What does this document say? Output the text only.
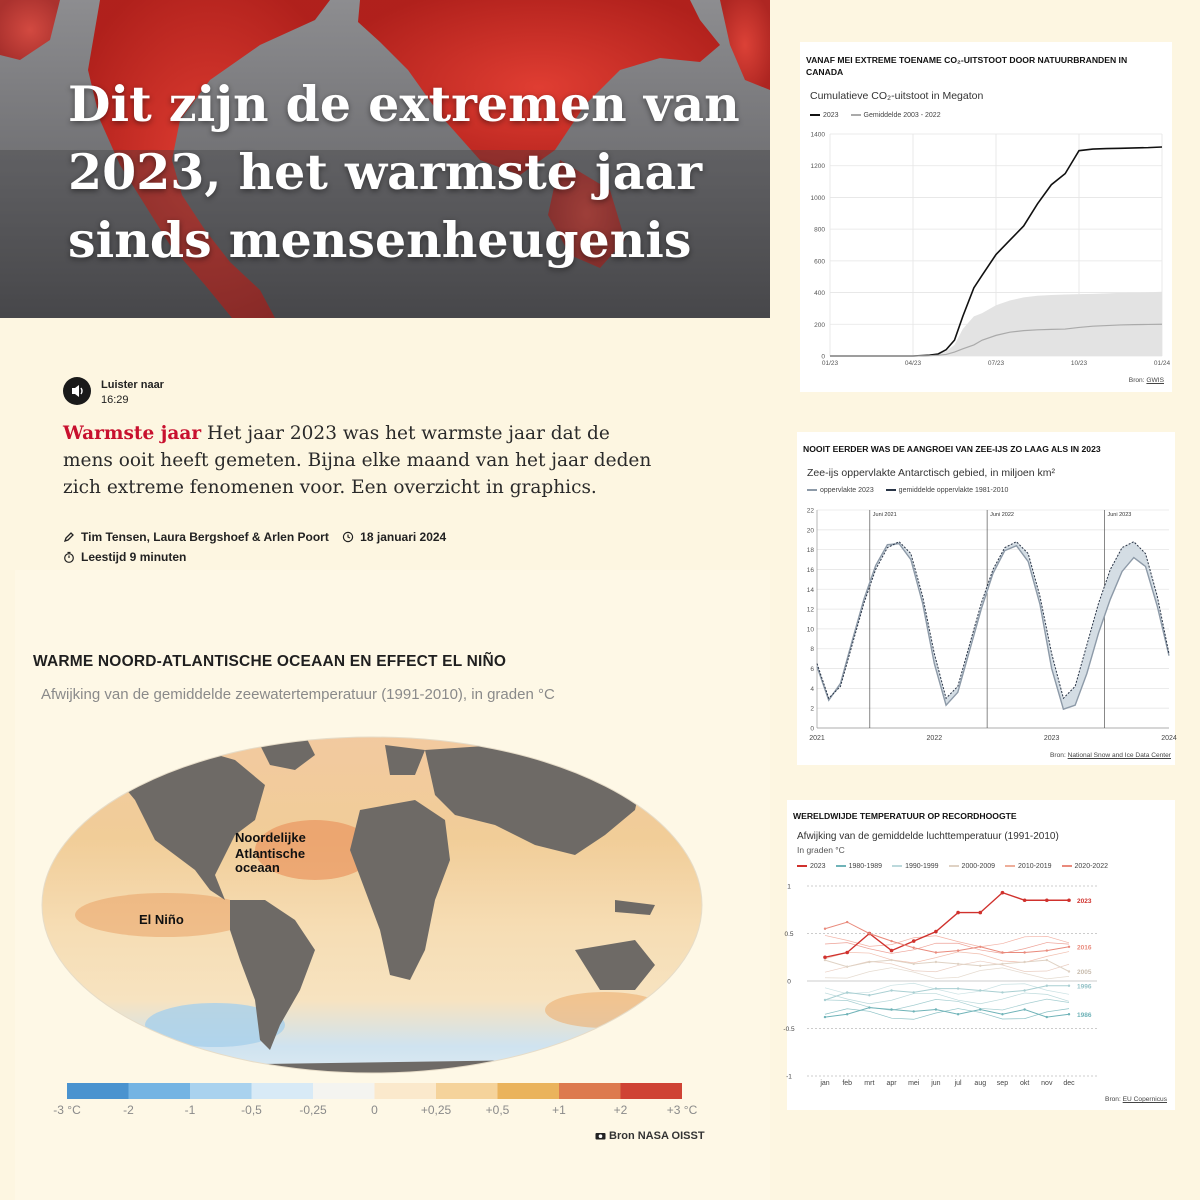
Dit zijn de extremen van 2023, het warmste jaar sinds mensenheugenis
Luister naar
16:29
Warmste jaar Het jaar 2023 was het warmste jaar dat de mens ooit heeft gemeten. Bijna elke maand van het jaar deden zich extreme fenomenen voor. Een overzicht in graphics.
Tim Tensen, Laura Bergshoef & Arlen Poort	18 januari 2024
Leestijd 9 minuten
WARME NOORD-ATLANTISCHE OCEAAN EN EFFECT EL NIÑO
Afwijking van de gemiddelde zeewatertemperatuur (1991-2010), in graden °C
Noordelijke
Atlantische
oceaan
El Niño
-3 °C	-2	-1	-0,5	-0,25	0	+0,25	+0,5	+1	+2	+3 °C
Bron NASA OISST
VANAF MEI EXTREME TOENAME CO₂-UITSTOOT DOOR NATUURBRANDEN IN CANADA
Cumulatieve CO₂-uitstoot in Megaton
2023	Gemiddelde 2003 - 2022
0
200
400
600
800
1000
1200
1400
01/23	04/23	07/23	10/23	01/24
Bron: GWIS
NOOIT EERDER WAS DE AANGROEI VAN ZEE-IJS ZO LAAG ALS IN 2023
Zee-ijs oppervlakte Antarctisch gebied, in miljoen km²
oppervlakte 2023	gemiddelde oppervlakte 1981-2010
0
2
4
6
8
10
12
14
16
18
20
22
2021	2022	2023	2024
Juni 2021	Juni 2022	Juni 2023
Bron: National Snow and Ice Data Center
WERELDWIJDE TEMPERATUUR OP RECORDHOOGTE
Afwijking van de gemiddelde luchttemperatuur (1991-2010)
In graden °C
2023	1980-1989	1990-1999	2000-2009	2010-2019	2020-2022
-1
-0.5
0
0.5
1
jan feb mrt apr mei jun jul aug sep okt nov dec
2023
2016
2005
1996
1986
Bron: EU Copernicus
